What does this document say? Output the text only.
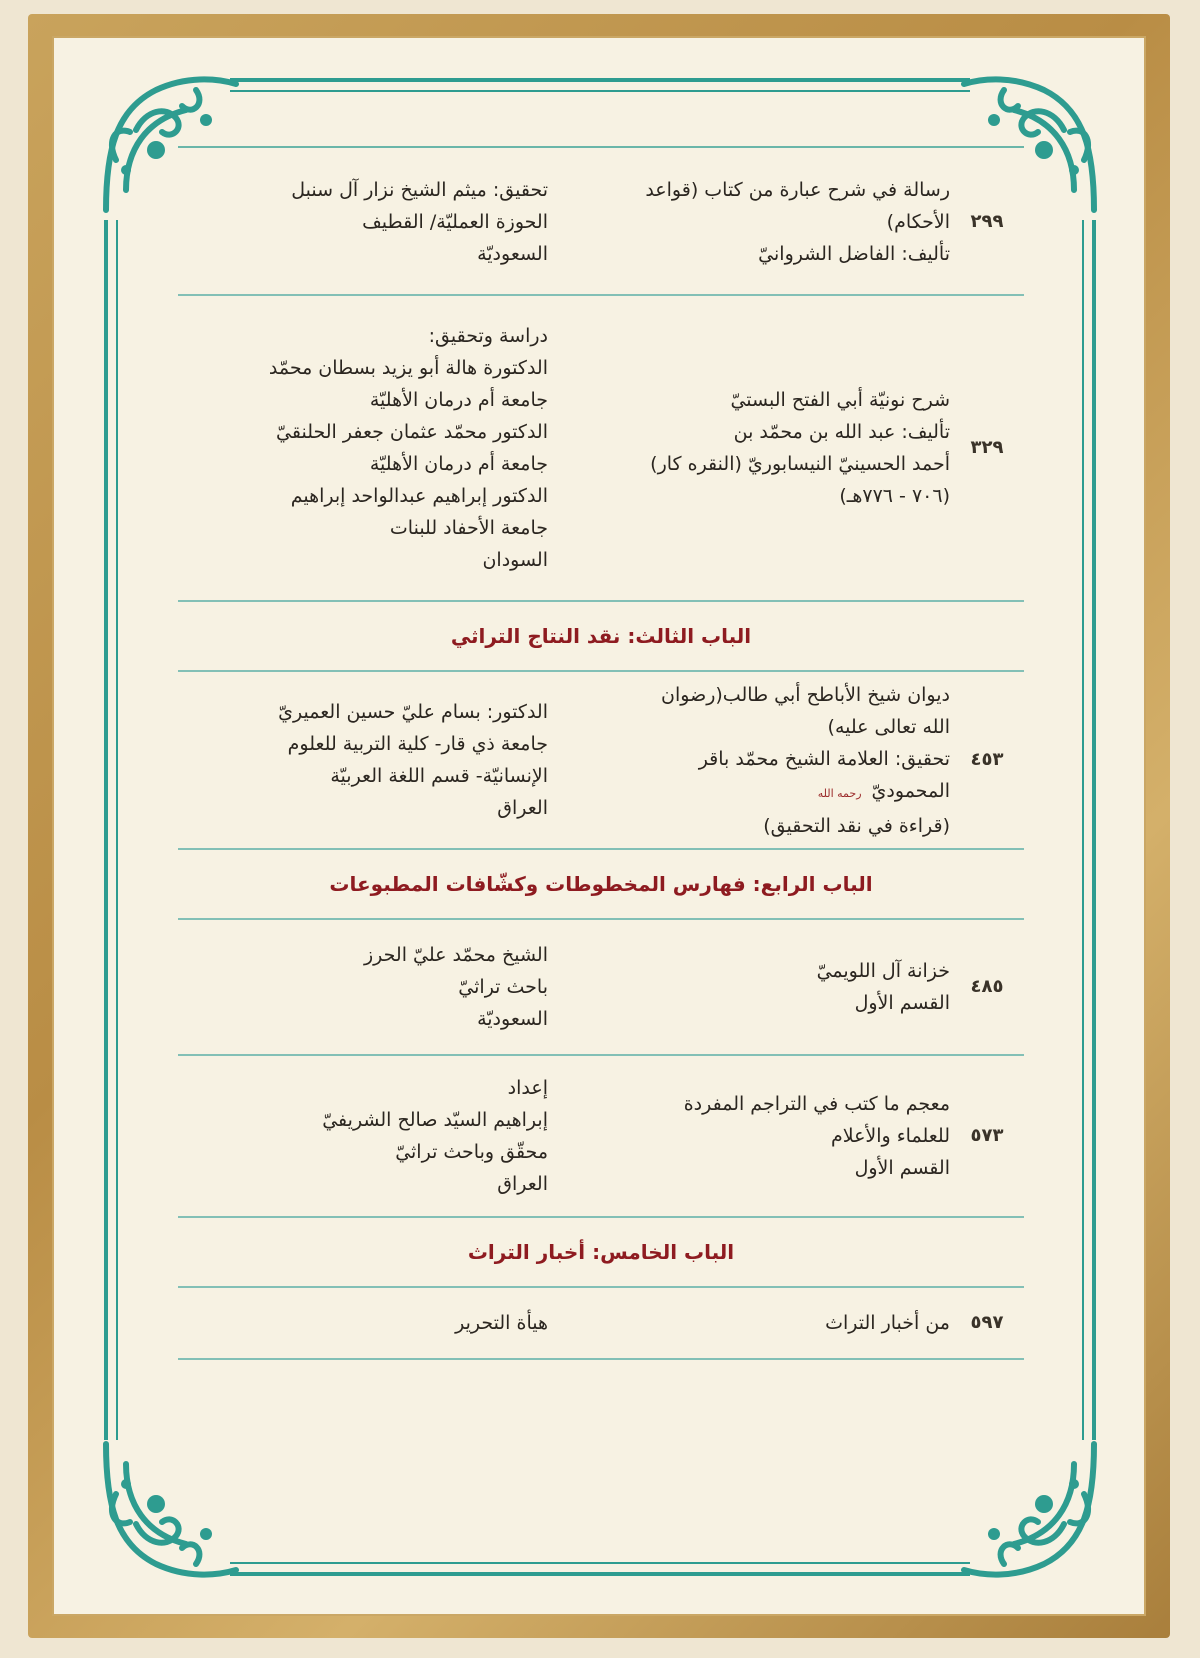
٢٩٩
رسالة في شرح عبارة من كتاب (قواعد
الأحكام)
تأليف: الفاضل الشروانيّ
تحقيق: ميثم الشيخ نزار آل سنبل
الحوزة العمليّة/ القطيف
السعوديّة
٣٢٩
شرح نونيّة أبي الفتح البستيّ
تأليف: عبد الله بن محمّد بن
أحمد الحسينيّ النيسابوريّ (النقره كار)
(٧٠٦ - ٧٧٦هـ)
دراسة وتحقيق:
الدكتورة هالة أبو يزيد بسطان محمّد
جامعة أم درمان الأهليّة
الدكتور محمّد عثمان جعفر الحلنقيّ
جامعة أم درمان الأهليّة
الدكتور إبراهيم عبدالواحد إبراهيم
جامعة الأحفاد للبنات
السودان
الباب الثالث: نقد النتاج التراثي
٤٥٣
ديوان شيخ الأباطح أبي طالب(رضوان
الله تعالى عليه)
تحقيق: العلامة الشيخ محمّد باقر
المحموديّ رحمه الله
(قراءة في نقد التحقيق)
الدكتور: بسام عليّ حسين العميريّ
جامعة ذي قار- كلية التربية للعلوم
الإنسانيّة- قسم اللغة العربيّة
العراق
الباب الرابع: فهارس المخطوطات وكشّافات المطبوعات
٤٨٥
خزانة آل اللويميّ
القسم الأول
الشيخ محمّد عليّ الحرز
باحث تراثيّ
السعوديّة
٥٧٣
معجم ما كتب في التراجم المفردة
للعلماء والأعلام
القسم الأول
إعداد
إبراهيم السيّد صالح الشريفيّ
محقّق وباحث تراثيّ
العراق
الباب الخامس: أخبار التراث
٥٩٧
من أخبار التراث
هيأة التحرير
